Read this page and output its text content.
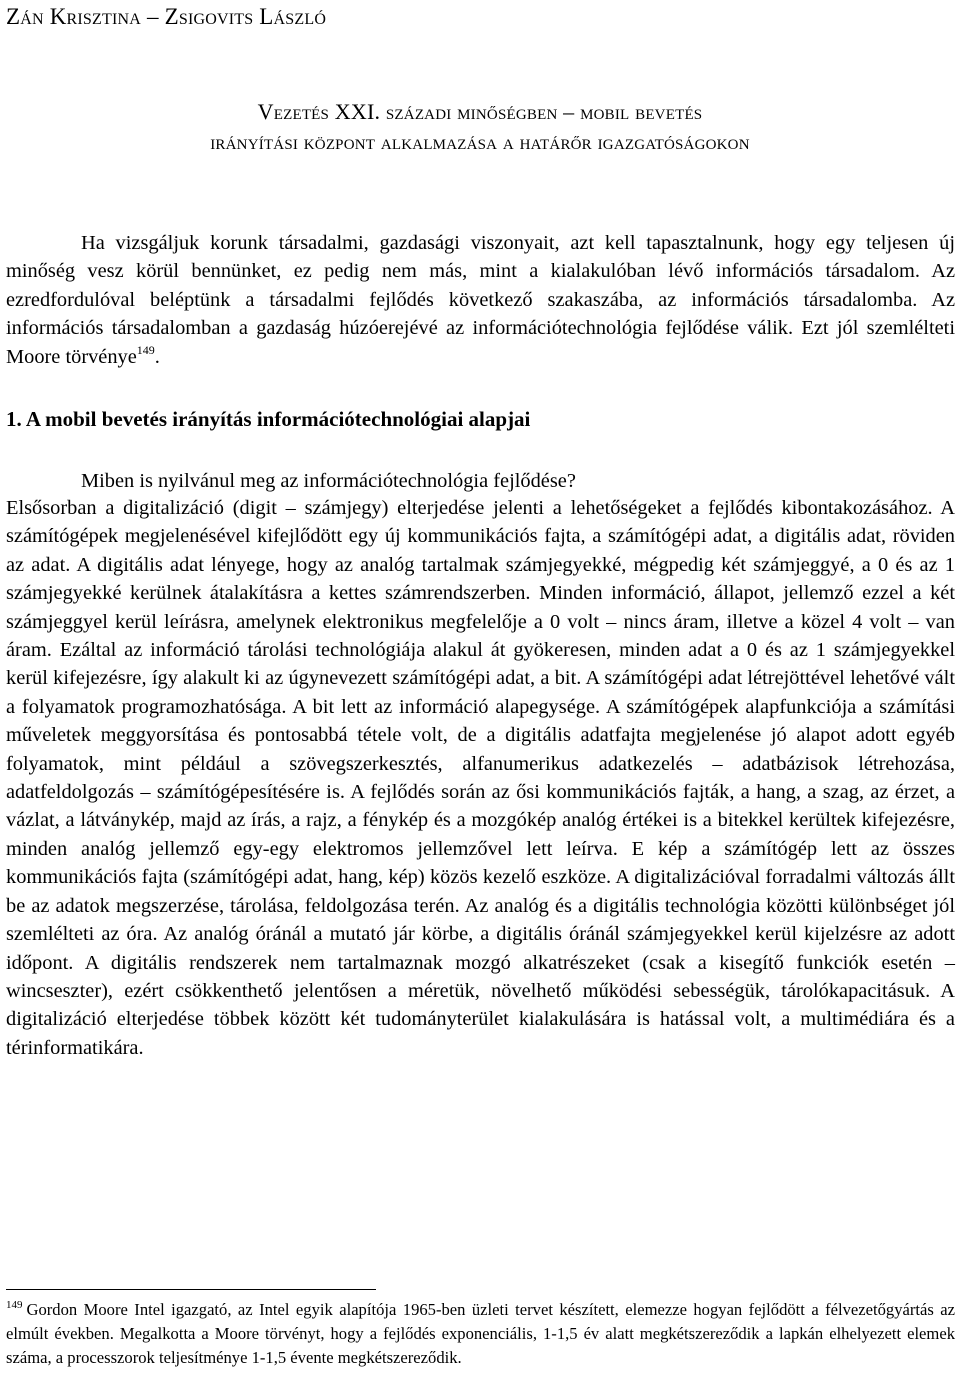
Zán Krisztina – Zsigovits László
Vezetés XXI. századi minőségben – mobil bevetés
irányítási központ alkalmazása a határőr igazgatóságokon

Ha vizsgáljuk korunk társadalmi, gazdasági viszonyait, azt kell tapasztalnunk, hogy egy teljesen új minőség vesz körül bennünket, ez pedig nem más, mint a kialakulóban lévő információs társadalom. Az ezredfordulóval beléptünk a társadalmi fejlődés következő szakaszába, az információs társadalomba. Az információs társadalomban a gazdaság húzóerejévé az információtechnológia fejlődése válik. Ezt jól szemlélteti Moore törvénye$^{149}$.

1. A mobil bevetés irányítás információtechnológiai alapjai
Miben is nyilvánul meg az információtechnológia fejlődése?

Elsősorban a digitalizáció (digit – számjegy) elterjedése jelenti a lehetőségeket a fejlődés kibontakozásához. A számítógépek megjelenésével kifejlődött egy új kommunikációs fajta, a számítógépi adat, a digitális adat, röviden az adat. A digitális adat lényege, hogy az analóg tartalmak számjegyekké, mégpedig két számjeggyé, a 0 és az 1 számjegyekké kerülnek átalakításra a kettes számrendszerben. Minden információ, állapot, jellemző ezzel a két számjeggyel kerül leírásra, amelynek elektronikus megfelelője a 0 volt – nincs áram, illetve a közel 4 volt – van áram. Ezáltal az információ tárolási technológiája alakul át gyökeresen, minden adat a 0 és az 1 számjegyekkel kerül kifejezésre, így alakult ki az úgynevezett számítógépi adat, a bit. A számítógépi adat létrejöttével lehetővé vált a folyamatok programozhatósága. A bit lett az információ alapegysége. A számítógépek alapfunkciója a számítási műveletek meggyorsítása és pontosabbá tétele volt, de a digitális adatfajta megjelenése jó alapot adott egyéb folyamatok, mint például a szövegszerkesztés, alfanumerikus adatkezelés – adatbázisok létrehozása, adatfeldolgozás – számítógépesítésére is. A fejlődés során az ősi kommunikációs fajták, a hang, a szag, az érzet, a vázlat, a látványkép, majd az írás, a rajz, a fénykép és a mozgókép analóg értékei is a bitekkel kerültek kifejezésre, minden analóg jellemző egy-egy elektromos jellemzővel lett leírva. E kép a számítógép lett az összes kommunikációs fajta (számítógépi adat, hang, kép) közös kezelő eszköze. A digitalizációval forradalmi változás állt be az adatok megszerzése, tárolása, feldolgozása terén. Az analóg és a digitális technológia közötti különbséget jól szemlélteti az óra. Az analóg óránál a mutató jár körbe, a digitális óránál számjegyekkel kerül kijelzésre az adott időpont. A digitális rendszerek nem tartalmaznak mozgó alkatrészeket (csak a kisegítő funkciók esetén – wincseszter), ezért csökkenthető jelentősen a méretük, növelhető működési sebességük, tárolókapacitásuk. A digitalizáció elterjedése többek között két tudományterület kialakulására is hatással volt, a multimédiára és a térinformatikára.

$^{149}$ Gordon Moore Intel igazgató, az Intel egyik alapítója 1965-ben üzleti tervet készített, elemezze hogyan fejlődött a félvezetőgyártás az elmúlt években. Megalkotta a Moore törvényt, hogy a fejlődés exponenciális, 1-1,5 év alatt megkétszereződik a lapkán elhelyezett elemek száma, a processzorok teljesítménye 1-1,5 évente megkétszereződik.
